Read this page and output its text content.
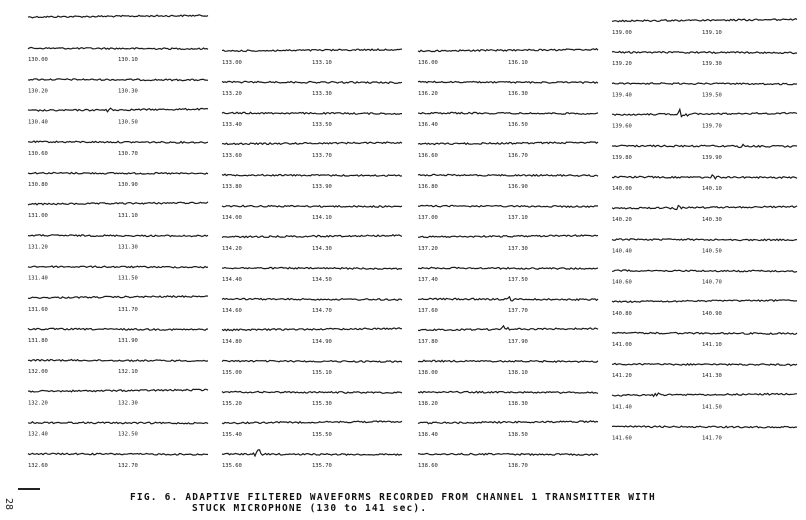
130.00	130.10
130.20	130.30
130.40	130.50
130.60	130.70
130.80	130.90
131.00	131.10
131.20	131.30
131.40	131.50
131.60	131.70
131.80	131.90
132.00	132.10
132.20	132.30
132.40	132.50
132.60	132.70
133.00	133.10
133.20	133.30
133.40	133.50
133.60	133.70
133.80	133.90
134.00	134.10
134.20	134.30
134.40	134.50
134.60	134.70
134.80	134.90
135.00	135.10
135.20	135.30
135.40	135.50
135.60	135.70
136.00	136.10
136.20	136.30
136.40	136.50
136.60	136.70
136.80	136.90
137.00	137.10
137.20	137.30
137.40	137.50
137.60	137.70
137.80	137.90
138.00	138.10
138.20	138.30
138.40	138.50
138.60	138.70
139.00	139.10
139.20	139.30
139.40	139.50
139.60	139.70
139.80	139.90
140.00	140.10
140.20	140.30
140.40	140.50
140.60	140.70
140.80	140.90
141.00	141.10
141.20	141.30
141.40	141.50
141.60	141.70
28
FIG. 6. ADAPTIVE FILTERED WAVEFORMS RECORDED FROM CHANNEL 1 TRANSMITTER WITH
STUCK MICROPHONE (130 to 141 sec).
